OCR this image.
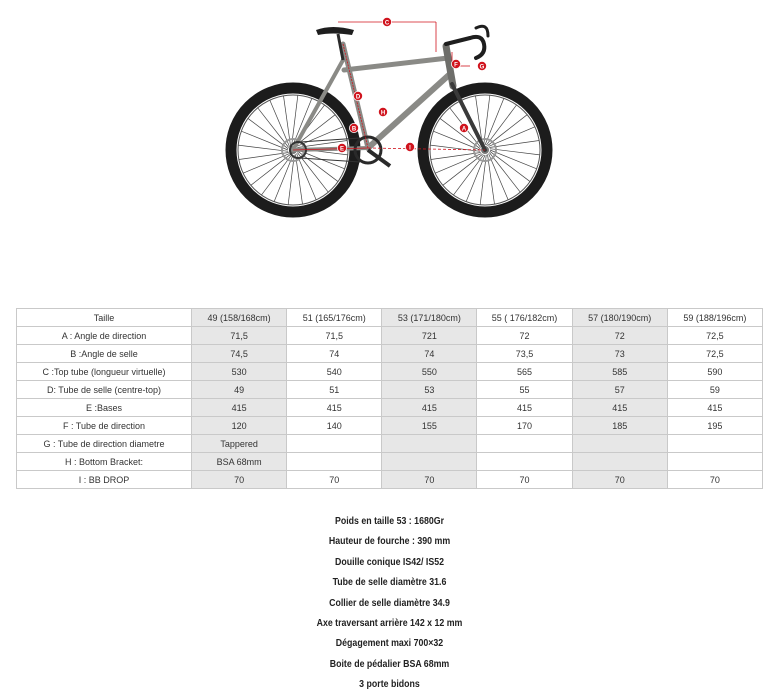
A
B
C
D
E
F	G
H
I
Taille	49 (158/168cm)	51 (165/176cm)	53 (171/180cm)	55 ( 176/182cm)	57 (180/190cm)	59 (188/196cm)
A : Angle de direction	71,5	71,5	721	72	72	72,5
B :Angle de selle	74,5	74	74	73,5	73	72,5
C :Top tube (longueur virtuelle)	530	540	550	565	585	590
D: Tube de selle (centre-top)	49	51	53	55	57	59
E :Bases	415	415	415	415	415	415
F : Tube de direction	120	140	155	170	185	195
G : Tube de direction diametre	Tappered					
H : Bottom Bracket:	BSA 68mm					
I : BB DROP	70	70	70	70	70	70
Poids en taille 53 : 1680Gr
Hauteur de fourche : 390 mm
Douille conique IS42/ IS52
Tube de selle diamètre 31.6
Collier de selle diamètre 34.9
Axe traversant arrière 142 x 12 mm
Dégagement maxi 700×32
Boite de pédalier BSA 68mm
3 porte bidons
